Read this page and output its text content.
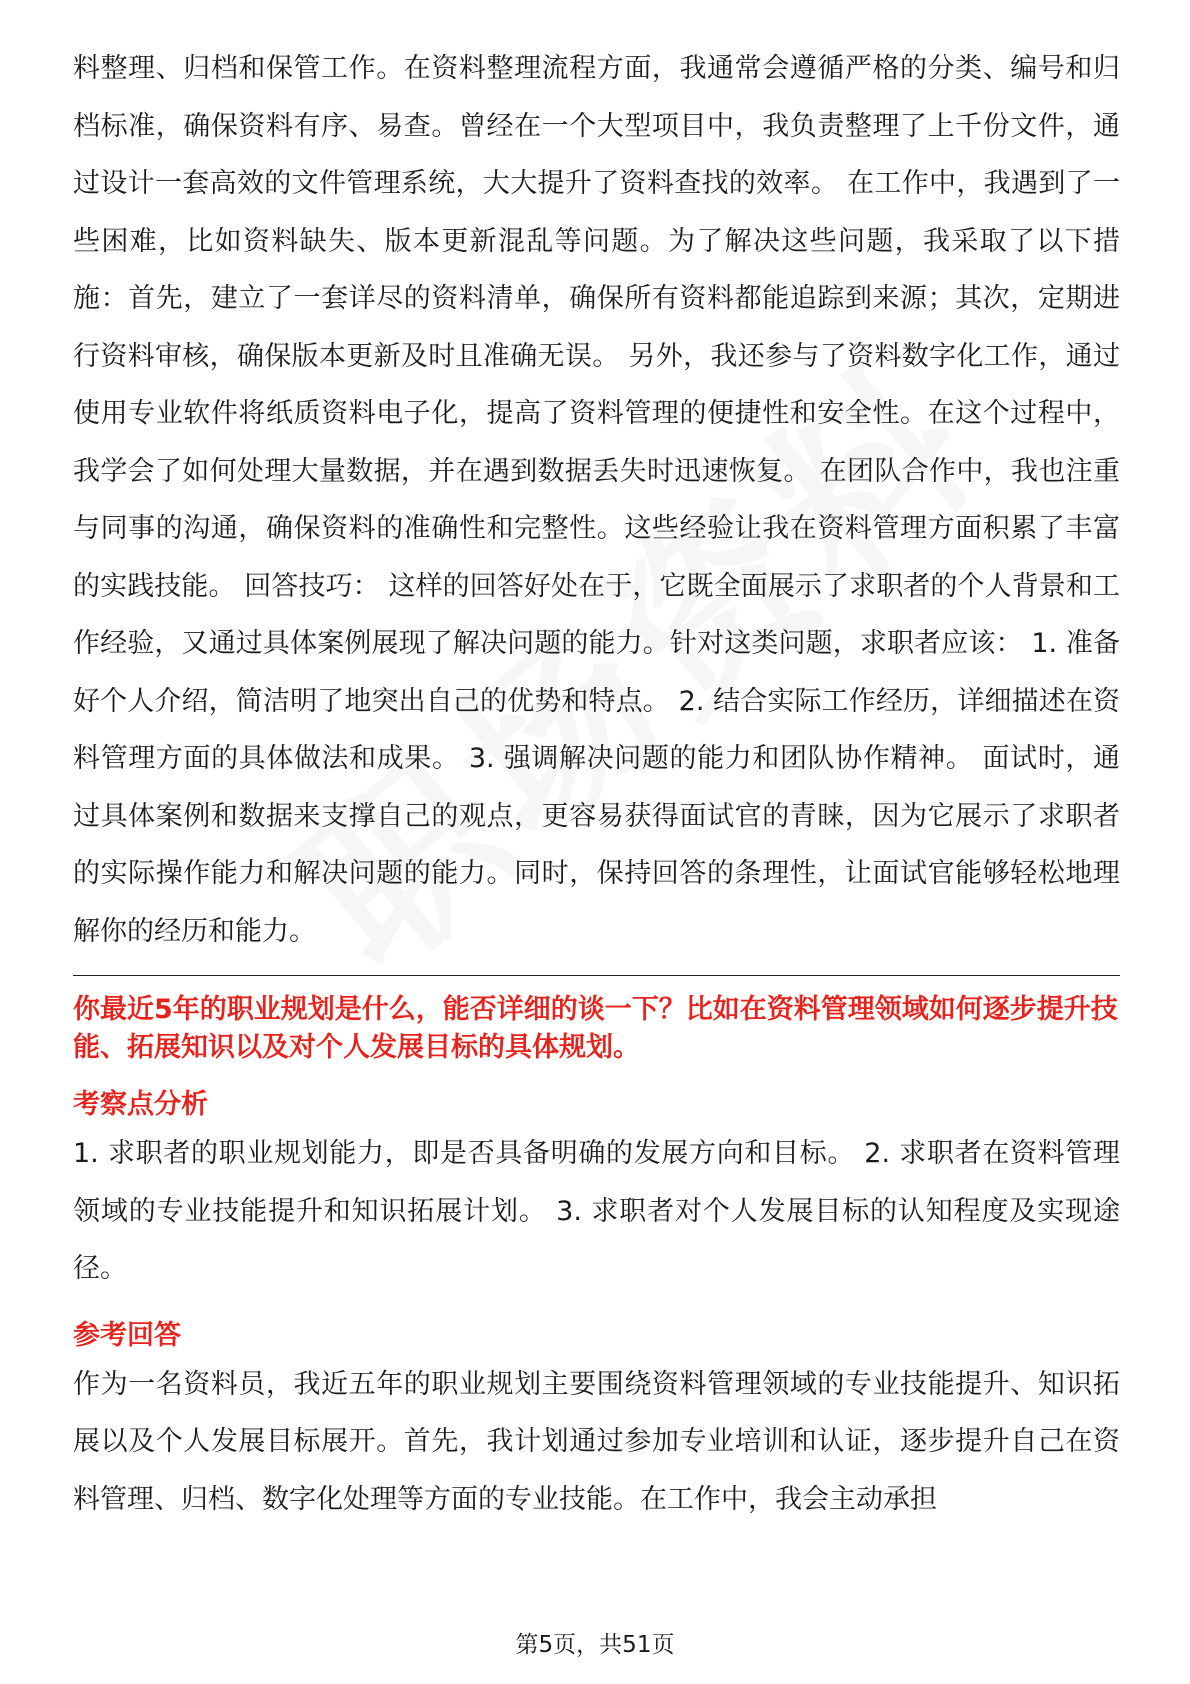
料整理、归档和保管工作。在资料整理流程方面，我通常会遵循严格的分类、编号和归档标准，确保资料有序、易查。曾经在一个大型项目中，我负责整理了上千份文件，通过设计一套高效的文件管理系统，大大提升了资料查找的效率。 在工作中，我遇到了一些困难，比如资料缺失、版本更新混乱等问题。为了解决这些问题，我采取了以下措施：首先，建立了一套详尽的资料清单，确保所有资料都能追踪到来源；其次，定期进行资料审核，确保版本更新及时且准确无误。 另外，我还参与了资料数字化工作，通过使用专业软件将纸质资料电子化，提高了资料管理的便捷性和安全性。在这个过程中，我学会了如何处理大量数据，并在遇到数据丢失时迅速恢复。 在团队合作中，我也注重与同事的沟通，确保资料的准确性和完整性。这些经验让我在资料管理方面积累了丰富的实践技能。 回答技巧： 这样的回答好处在于，它既全面展示了求职者的个人背景和工作经验，又通过具体案例展现了解决问题的能力。针对这类问题，求职者应该： 1. 准备好个人介绍，简洁明了地突出自己的优势和特点。 2. 结合实际工作经历，详细描述在资料管理方面的具体做法和成果。 3. 强调解决问题的能力和团队协作精神。 面试时，通过具体案例和数据来支撑自己的观点，更容易获得面试官的青睐，因为它展示了求职者的实际操作能力和解决问题的能力。同时，保持回答的条理性，让面试官能够轻松地理解你的经历和能力。

你最近5年的职业规划是什么，能否详细的谈一下？比如在资料管理领域如何逐步提升技能、拓展知识以及对个人发展目标的具体规划。

考察点分析

1. 求职者的职业规划能力，即是否具备明确的发展方向和目标。 2. 求职者在资料管理领域的专业技能提升和知识拓展计划。 3. 求职者对个人发展目标的认知程度及实现途径。

参考回答

作为一名资料员，我近五年的职业规划主要围绕资料管理领域的专业技能提升、知识拓展以及个人发展目标展开。首先，我计划通过参加专业培训和认证，逐步提升自己在资料管理、归档、数字化处理等方面的专业技能。在工作中，我会主动承担

第5页，共51页
